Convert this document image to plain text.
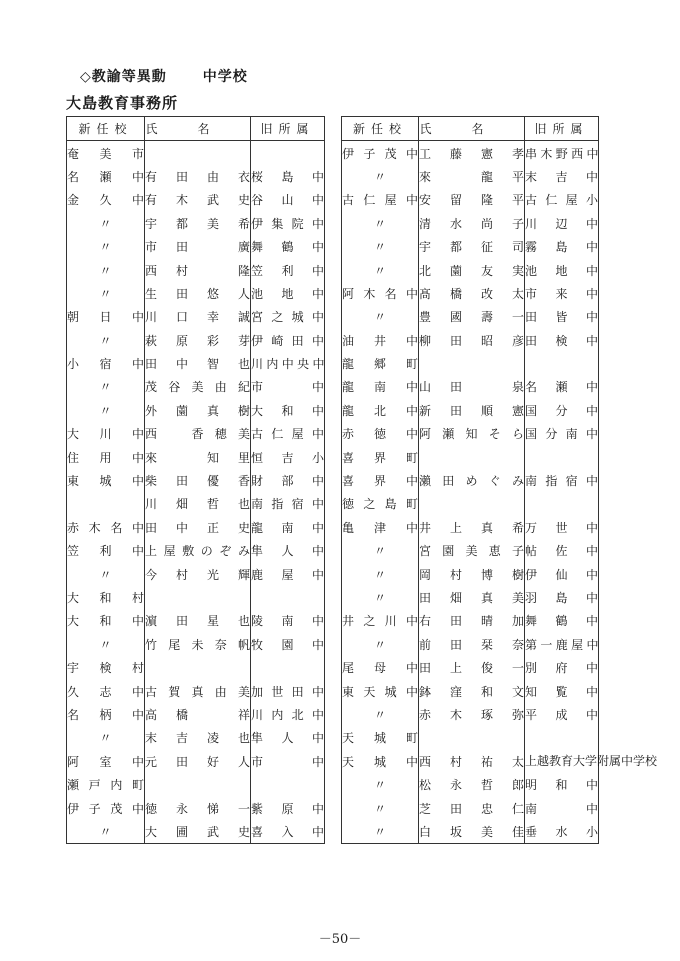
◇教諭等異動	中学校
大島教育事務所
新任校	氏名	旧所属
奄美市		
名瀬中	有田由衣	桜島中
金久中	有木武史	谷山中
〃	宇都美希	伊集院中
〃	市田　廣	舞鶴中
〃	西村　隆	笠利中
〃	生田悠人	池地中
朝日中	川口幸誠	宮之城中
〃	萩原彩芽	伊崎田中
小宿中	田中智也	川内中央中
〃	茂谷美由紀	市　　中
〃	外薗真樹	大和中
大川中	西　香穂美	古仁屋中
住用中	來　知里	恒吉小
東城中	柴田優香	財部中
	川畑哲也	南指宿中
赤木名中	田中正史	龍南中
笠利中	上屋敷のぞみ	隼人中
〃	今村光輝	鹿屋中
大和村		
大和中	濵田星也	陵南中
〃	竹尾未奈帆	牧園中
宇検村		
久志中	古賀真由美	加世田中
名柄中	高橋　祥	川内北中
〃	末吉凌也	隼人中
阿室中	元田好人	市　　中
瀬戸内町		
伊子茂中	徳永悌一	紫原中
〃	大圃武史	喜入中
新任校	氏名	旧所属
伊子茂中	工藤憲孝	串木野西中
〃	來　龍平	末吉中
古仁屋中	安留隆平	古仁屋小
〃	清水尚子	川辺中
〃	宇都征司	霧島中
〃	北薗友実	池地中
阿木名中	髙橋改太	市来中
〃	豊國壽一	田皆中
油井中	柳田昭彦	田検中
龍郷町		
龍南中	山田　泉	名瀬中
龍北中	新田順憲	国分中
赤徳中	阿瀬知そら	国分南中
喜界町		
喜界中	瀨田めぐみ	南指宿中
徳之島町		
亀津中	井上真希	万世中
〃	宮園美恵子	帖佐中
〃	岡村博樹	伊仙中
〃	田畑真美	羽島中
井之川中	右田晴加	舞鶴中
〃	前田栞奈	第一鹿屋中
尾母中	田上俊一	別府中
東天城中	鉢窪和文	知覧中
〃	赤木琢弥	平成中
天城町		
天城中	西村祐太	上越教育大学附属中学校
〃	松永哲郎	明和中
〃	芝田忠仁	南　　中
〃	白坂美佳	垂水小
－50－
